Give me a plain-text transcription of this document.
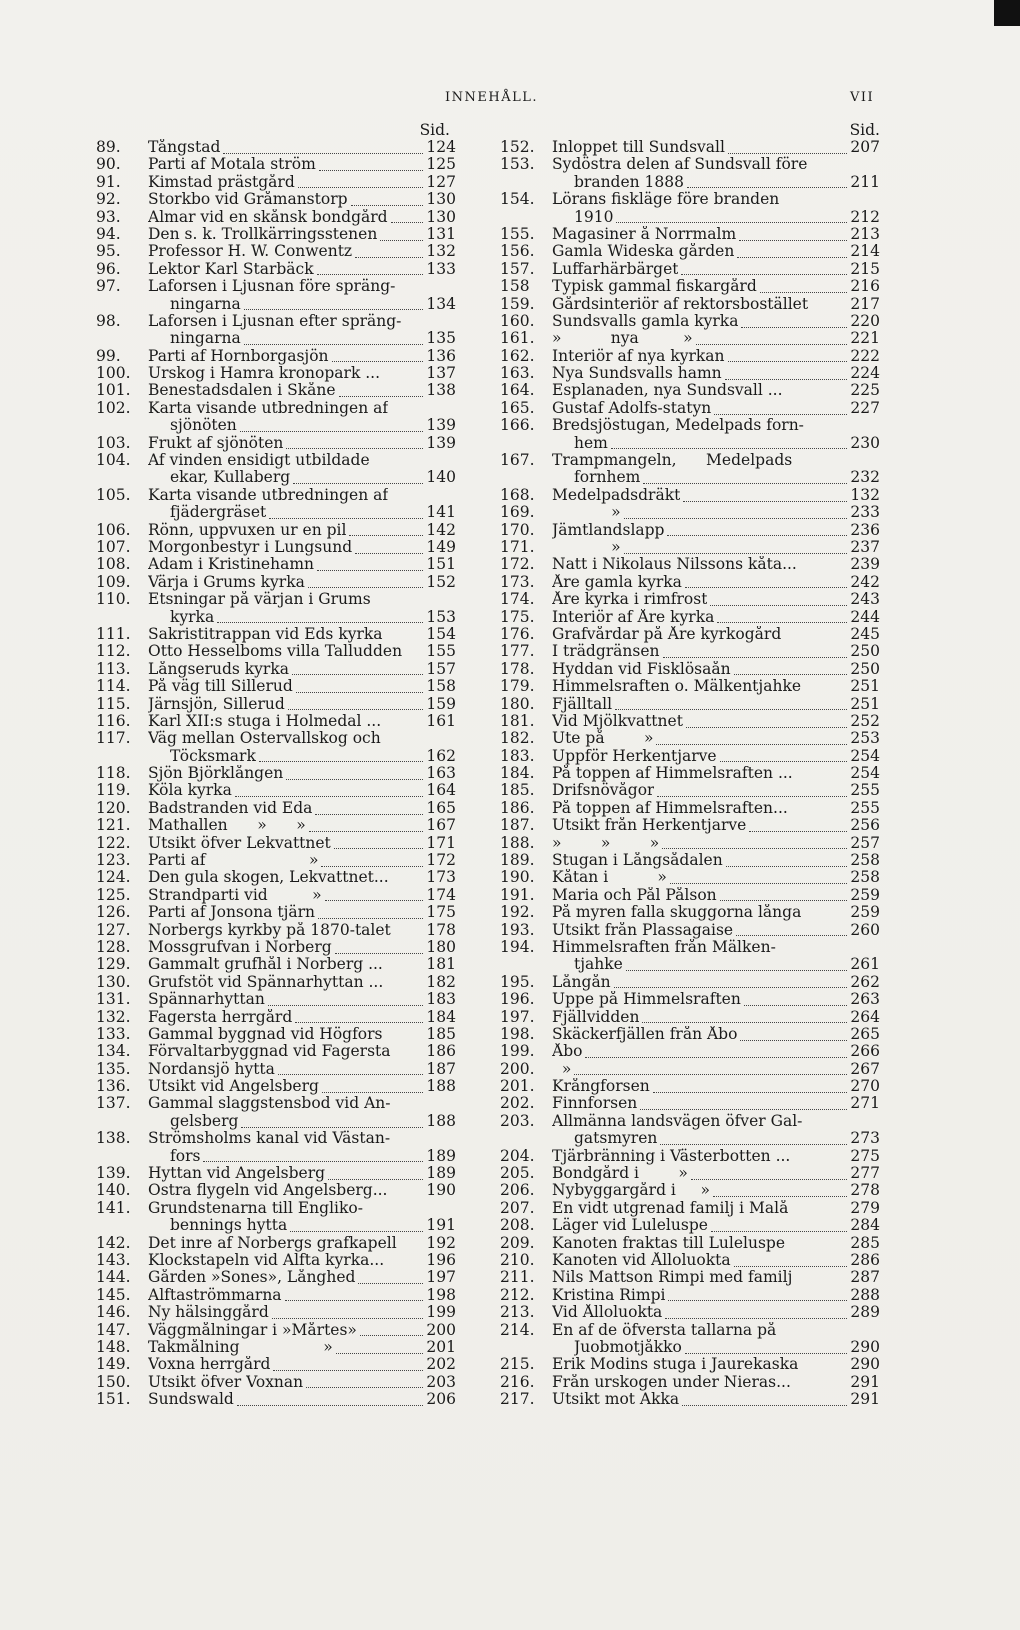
INNEHÅLL.	VII
Sid.
89.	Tångstad	124
90.	Parti af Motala ström	125
91.	Kimstad prästgård	127
92.	Storkbo vid Gråmanstorp	130
93.	Almar vid en skånsk bondgård	130
94.	Den s. k. Trollkärringsstenen	131
95.	Professor H. W. Conwentz	132
96.	Lektor Karl Starbäck	133
97.	Laforsen i Ljusnan före spräng-
ningarna	134
98.	Laforsen i Ljusnan efter spräng-
ningarna	135
99.	Parti af Hornborgasjön	136
100.	Urskog i Hamra kronopark ...	137
101.	Benestadsdalen i Skåne	138
102.	Karta visande utbredningen af
sjönöten	139
103.	Frukt af sjönöten	139
104.	Af vinden ensidigt utbildade
ekar, Kullaberg	140
105.	Karta visande utbredningen af
fjädergräset	141
106.	Rönn, uppvuxen ur en pil	142
107.	Morgonbestyr i Lungsund	149
108.	Adam i Kristinehamn	151
109.	Värja i Grums kyrka	152
110.	Etsningar på värjan i Grums
kyrka	153
111.	Sakristitrappan vid Eds kyrka	154
112.	Otto Hesselboms villa Talludden 155
113.	Långseruds kyrka	157
114.	På väg till Sillerud	158
115.	Järnsjön, Sillerud	159
116.	Karl XII:s stuga i Holmedal ...	161
117.	Väg mellan Östervallskog och
Töcksmark	162
118.	Sjön Björklången	163
119.	Köla kyrka	164
120.	Badstranden vid Eda	165
121.	Mathallen      »      »	167
122.	Utsikt öfver Lekvattnet	171
123.	Parti af                     »	172
124.	Den gula skogen, Lekvattnet... 173
125.	Strandparti vid         »	174
126.	Parti af Jonsona tjärn	175
127.	Norbergs kyrkby på 1870-talet 178
128.	Mossgrufvan i Norberg	180
129.	Gammalt grufhål i Norberg ...	181
130.	Grufstöt vid Spännarhyttan ...	182
131.	Spännarhyttan	183
132.	Fagersta herrgård	184
133.	Gammal byggnad vid Högfors	185
134.	Förvaltarbyggnad vid Fagersta 186
135.	Nordansjö hytta	187
136.	Utsikt vid Ängelsberg	188
137.	Gammal slaggstensbod vid Än-
gelsberg	188
138.	Strömsholms kanal vid Västan-
fors	189
139.	Hyttan vid Ängelsberg	189
140.	Östra flygeln vid Ängelsberg...	190
141.	Grundstenarna till Engliko-
bennings hytta	191
142.	Det inre af Norbergs grafkapell 192
143.	Klockstapeln vid Alfta kyrka...	196
144.	Gården »Sones», Långhed	197
145.	Alftaströmmarna	198
146.	Ny hälsinggård	199
147.	Väggmålningar i »Mårtes»	200
148.	Takmålning                 »	201
149.	Voxna herrgård	202
150.	Utsikt öfver Voxnan	203
151.	Sundswald	206
Sid.
152.	Inloppet till Sundsvall	207
153.	Sydöstra delen af Sundsvall före
branden 1888	211
154.	Lörans fiskläge före branden
1910	212
155.	Magasiner å Norrmalm	213
156.	Gamla Wideska gården	214
157.	Luffarhärbärget	215
158	Typisk gammal fiskargård	216
159.	Gårdsinteriör af rektorsbostället	217
160.	Sundsvalls gamla kyrka	220
161.	»          nya         »	221
162.	Interiör af nya kyrkan	222
163.	Nya Sundsvalls hamn	224
164.	Esplanaden, nya Sundsvall ...	225
165.	Gustaf Adolfs-statyn	227
166.	Bredsjöstugan, Medelpads forn-
hem	230
167.	Trampmangeln,      Medelpads
fornhem	232
168.	Medelpadsdräkt	132
169.	»	233
170.	Jämtlandslapp	236
171.	»	237
172.	Natt i Nikolaus Nilssons kåta...	239
173.	Åre gamla kyrka	242
174.	Åre kyrka i rimfrost	243
175.	Interiör af Åre kyrka	244
176.	Grafvårdar på Åre kyrkogård	245
177.	I trädgränsen	250
178.	Hyddan vid Fisklösaån	250
179.	Himmelsraften o. Mälkentjahke	251
180.	Fjälltall	251
181.	Vid Mjölkvattnet	252
182.	Ute på        »	253
183.	Uppför Herkentjarve	254
184.	På toppen af Himmelsraften ...	254
185.	Drifsnövågor	255
186.	På toppen af Himmelsraften...	255
187.	Utsikt från Herkentjarve	256
188.	»        »        »	257
189.	Stugan i Långsådalen	258
190.	Kåtan i          »	258
191.	Maria och Pål Pålson	259
192.	På myren falla skuggorna långa	259
193.	Utsikt från Plassagaise	260
194.	Himmelsraften från Mälken-
tjahke	261
195.	Långån	262
196.	Uppe på Himmelsraften	263
197.	Fjällvidden	264
198.	Skäckerfjällen från Åbo	265
199.	Åbo	266
200.	»	267
201.	Krångforsen	270
202.	Finnforsen	271
203.	Allmänna landsvägen öfver Gal-
gatsmyren	273
204.	Tjärbränning i Västerbotten ...	275
205.	Bondgård i        »	277
206.	Nybyggargård i     »	278
207.	En vidt utgrenad familj i Malå	279
208.	Läger vid Luleluspe	284
209.	Kanoten fraktas till Luleluspe	285
210.	Kanoten vid Ålloluokta	286
211.	Nils Mattson Rimpi med familj	287
212.	Kristina Rimpi	288
213.	Vid Ålloluokta	289
214.	En af de öfversta tallarna på
Juobmotjåkko	290
215.	Erik Modins stuga i Jaurekaska	290
216.	Från urskogen under Nieras...	291
217.	Utsikt mot Akka	291
